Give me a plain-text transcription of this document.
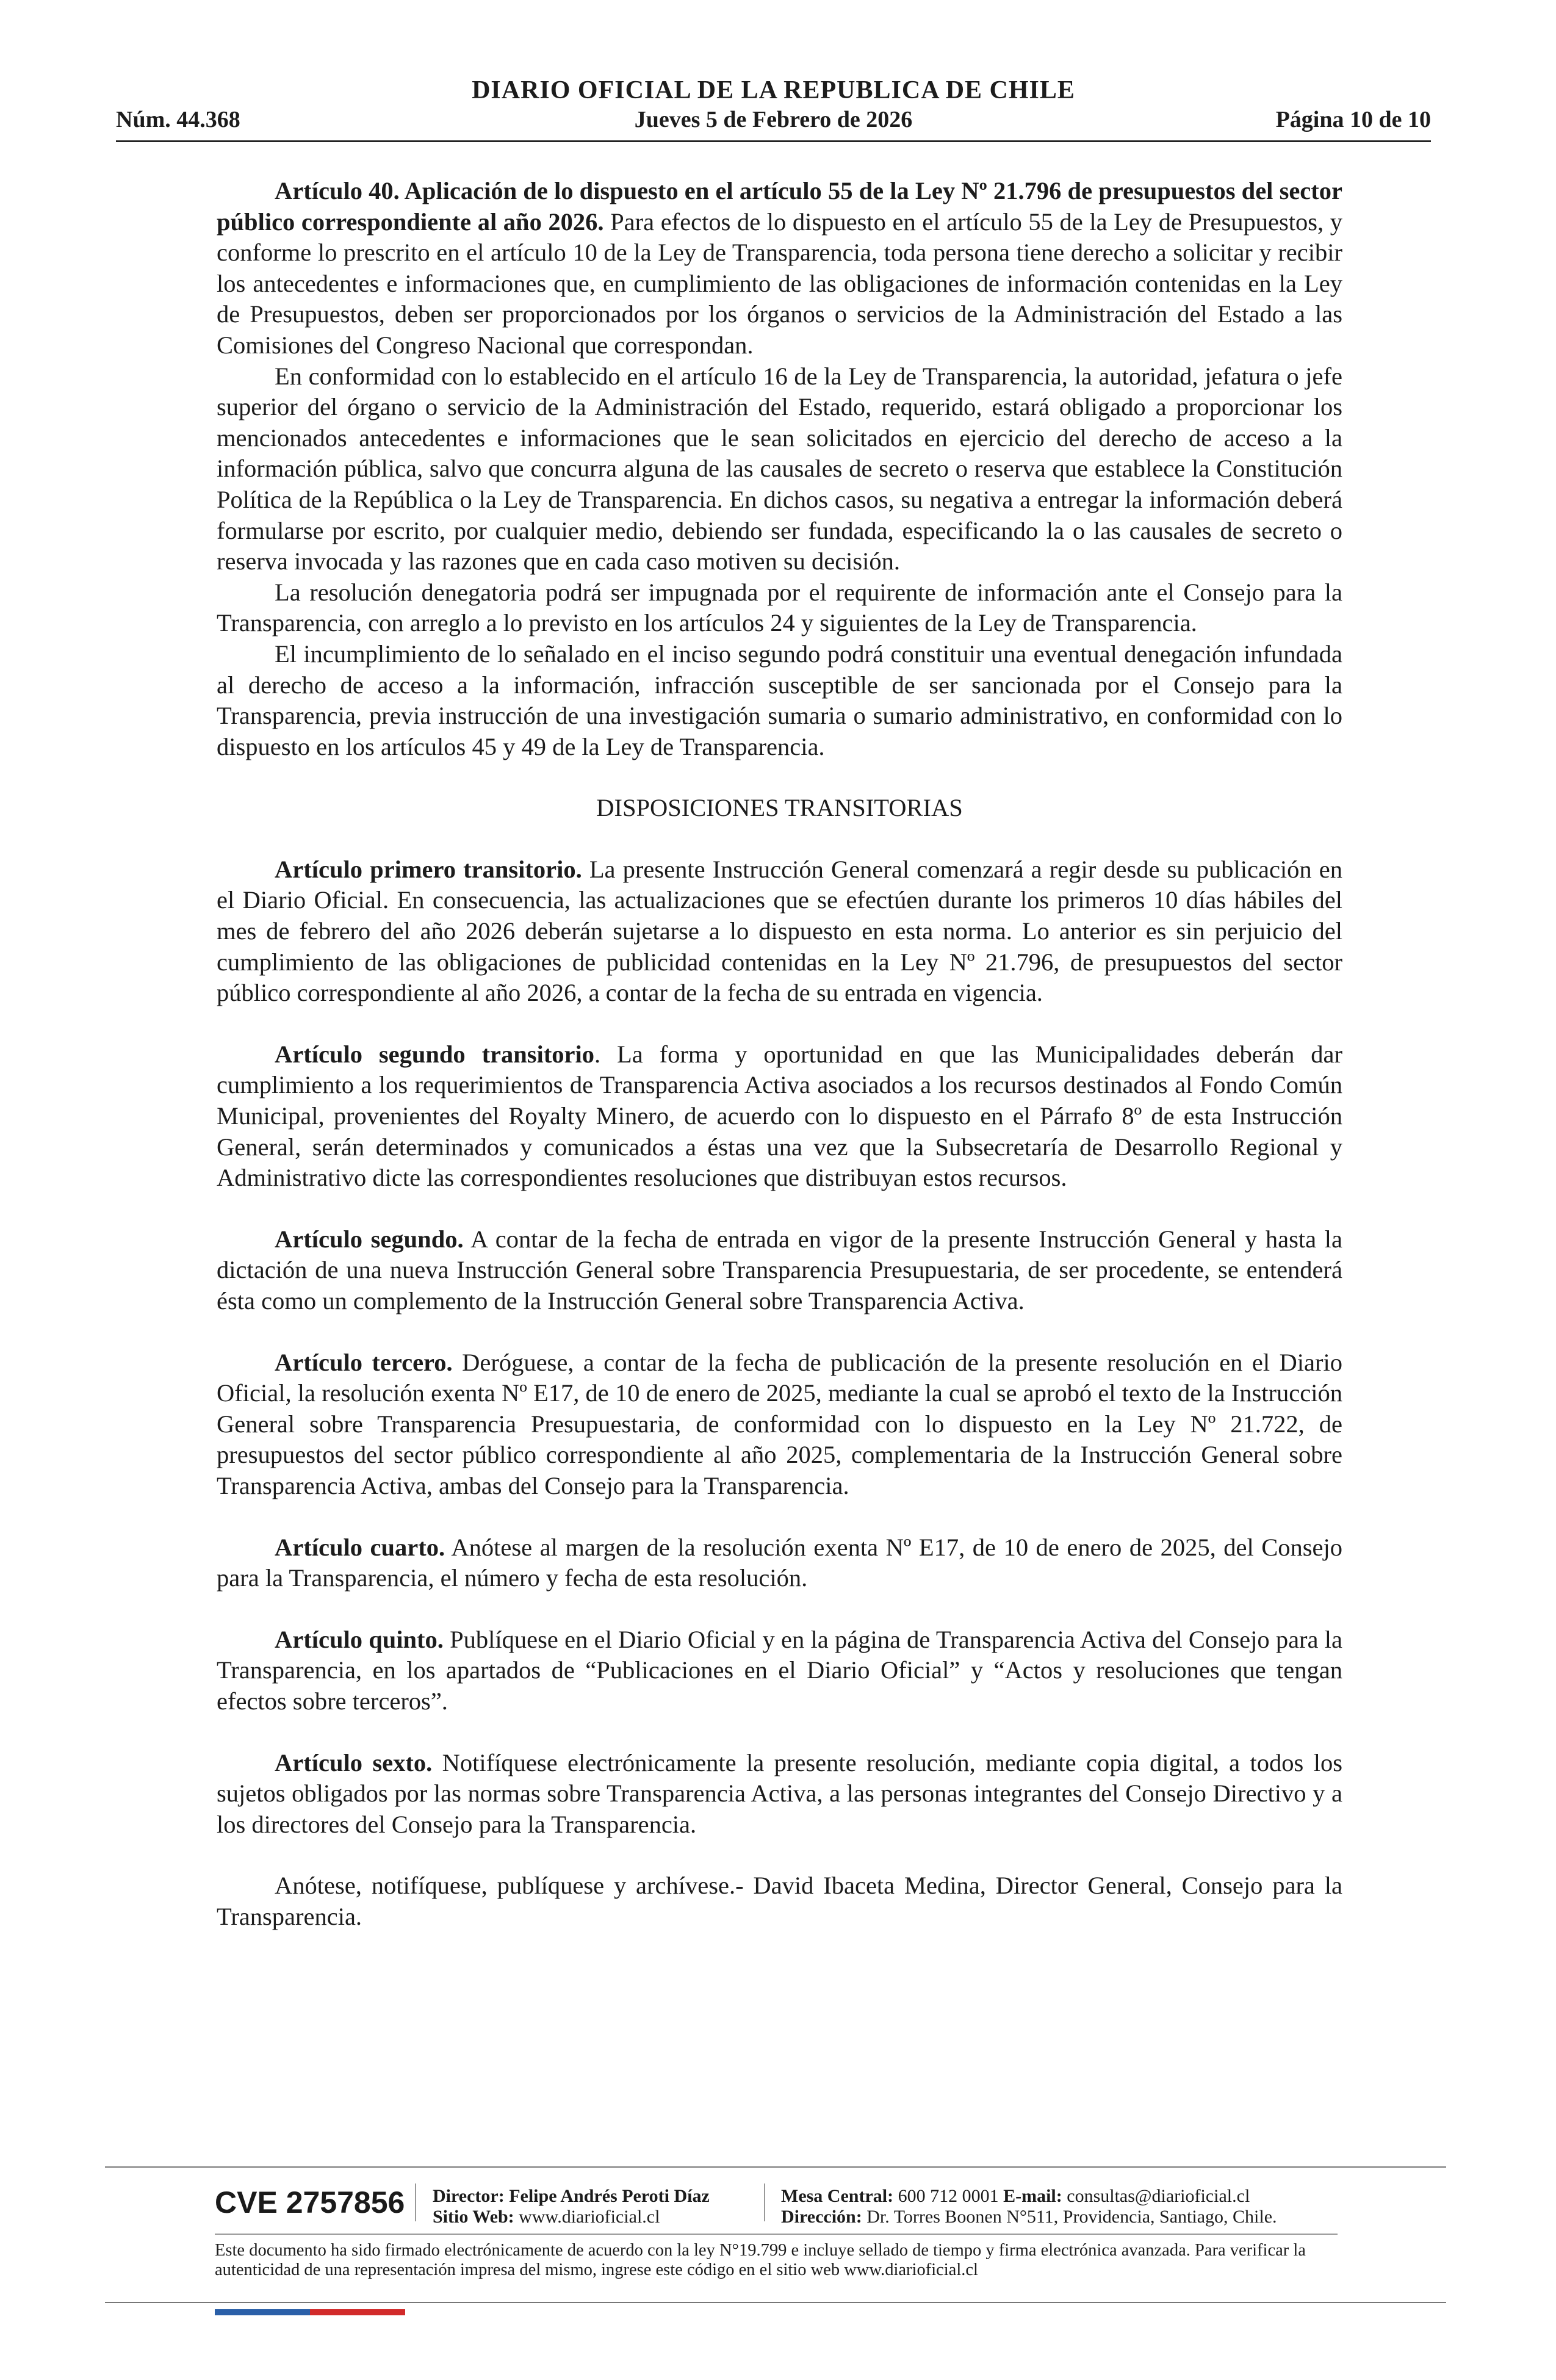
DIARIO OFICIAL DE LA REPUBLICA DE CHILE
Núm. 44.368	Jueves 5 de Febrero de 2026	Página 10 de 10

Artículo 40. Aplicación de lo dispuesto en el artículo 55 de la Ley Nº 21.796 de presupuestos del sector público correspondiente al año 2026. Para efectos de lo dispuesto en el artículo 55 de la Ley de Presupuestos, y conforme lo prescrito en el artículo 10 de la Ley de Transparencia, toda persona tiene derecho a solicitar y recibir los antecedentes e informaciones que, en cumplimiento de las obligaciones de información contenidas en la Ley de Presupuestos, deben ser proporcionados por los órganos o servicios de la Administración del Estado a las Comisiones del Congreso Nacional que correspondan.

En conformidad con lo establecido en el artículo 16 de la Ley de Transparencia, la autoridad, jefatura o jefe superior del órgano o servicio de la Administración del Estado, requerido, estará obligado a proporcionar los mencionados antecedentes e informaciones que le sean solicitados en ejercicio del derecho de acceso a la información pública, salvo que concurra alguna de las causales de secreto o reserva que establece la Constitución Política de la República o la Ley de Transparencia. En dichos casos, su negativa a entregar la información deberá formularse por escrito, por cualquier medio, debiendo ser fundada, especificando la o las causales de secreto o reserva invocada y las razones que en cada caso motiven su decisión.

La resolución denegatoria podrá ser impugnada por el requirente de información ante el Consejo para la Transparencia, con arreglo a lo previsto en los artículos 24 y siguientes de la Ley de Transparencia.

El incumplimiento de lo señalado en el inciso segundo podrá constituir una eventual denegación infundada al derecho de acceso a la información, infracción susceptible de ser sancionada por el Consejo para la Transparencia, previa instrucción de una investigación sumaria o sumario administrativo, en conformidad con lo dispuesto en los artículos 45 y 49 de la Ley de Transparencia.

DISPOSICIONES TRANSITORIAS

Artículo primero transitorio. La presente Instrucción General comenzará a regir desde su publicación en el Diario Oficial. En consecuencia, las actualizaciones que se efectúen durante los primeros 10 días hábiles del mes de febrero del año 2026 deberán sujetarse a lo dispuesto en esta norma. Lo anterior es sin perjuicio del cumplimiento de las obligaciones de publicidad contenidas en la Ley Nº 21.796, de presupuestos del sector público correspondiente al año 2026, a contar de la fecha de su entrada en vigencia.

Artículo segundo transitorio. La forma y oportunidad en que las Municipalidades deberán dar cumplimiento a los requerimientos de Transparencia Activa asociados a los recursos destinados al Fondo Común Municipal, provenientes del Royalty Minero, de acuerdo con lo dispuesto en el Párrafo 8º de esta Instrucción General, serán determinados y comunicados a éstas una vez que la Subsecretaría de Desarrollo Regional y Administrativo dicte las correspondientes resoluciones que distribuyan estos recursos.

Artículo segundo. A contar de la fecha de entrada en vigor de la presente Instrucción General y hasta la dictación de una nueva Instrucción General sobre Transparencia Presupuestaria, de ser procedente, se entenderá ésta como un complemento de la Instrucción General sobre Transparencia Activa.

Artículo tercero. Deróguese, a contar de la fecha de publicación de la presente resolución en el Diario Oficial, la resolución exenta Nº E17, de 10 de enero de 2025, mediante la cual se aprobó el texto de la Instrucción General sobre Transparencia Presupuestaria, de conformidad con lo dispuesto en la Ley Nº 21.722, de presupuestos del sector público correspondiente al año 2025, complementaria de la Instrucción General sobre Transparencia Activa, ambas del Consejo para la Transparencia.

Artículo cuarto. Anótese al margen de la resolución exenta Nº E17, de 10 de enero de 2025, del Consejo para la Transparencia, el número y fecha de esta resolución.

Artículo quinto. Publíquese en el Diario Oficial y en la página de Transparencia Activa del Consejo para la Transparencia, en los apartados de “Publicaciones en el Diario Oficial” y “Actos y resoluciones que tengan efectos sobre terceros”.

Artículo sexto. Notifíquese electrónicamente la presente resolución, mediante copia digital, a todos los sujetos obligados por las normas sobre Transparencia Activa, a las personas integrantes del Consejo Directivo y a los directores del Consejo para la Transparencia.

Anótese, notifíquese, publíquese y archívese.- David Ibaceta Medina, Director General, Consejo para la Transparencia.

CVE 2757856 Director: Felipe Andrés Peroti Díaz
Sitio Web: www.diarioficial.cl
Mesa Central: 600 712 0001 E-mail: consultas@diarioficial.cl
Dirección: Dr. Torres Boonen N°511, Providencia, Santiago, Chile.
Este documento ha sido firmado electrónicamente de acuerdo con la ley N°19.799 e incluye sellado de tiempo y firma electrónica avanzada. Para verificar la autenticidad de una representación impresa del mismo, ingrese este código en el sitio web www.diarioficial.cl
